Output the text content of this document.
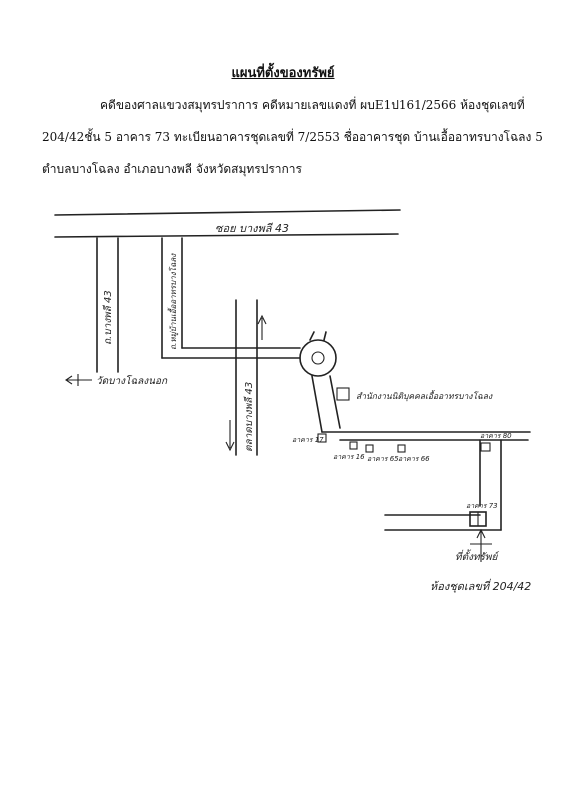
แผนที่ตั้งของทรัพย์
คดีของศาลแขวงสมุทรปราการ คดีหมายเลขแดงที่ ผบE1ป161/2566 ห้องชุดเลขที่
204/42ชั้น 5 อาคาร 73 ทะเบียนอาคารชุดเลขที่ 7/2553 ชื่ออาคารชุด บ้านเอื้ออาทรบางโฉลง 5
ตำบลบางโฉลง อำเภอบางพลี จังหวัดสมุทรปราการ
ซอย บางพลี 43
ถ.บางพลี 43	ถ.หมู่บ้านเอื้ออาทรบางโฉลง
ตลาดบางพลี 43
วัดบางโฉลงนอก
สำนักงานนิติบุคคลเอื้ออาทรบางโฉลง
อาคาร 17
อาคาร 16 อาคาร 65 อาคาร 66
อาคาร 80
อาคาร 73
ที่ตั้งทรัพย์
ห้องชุดเลขที่ 204/42
